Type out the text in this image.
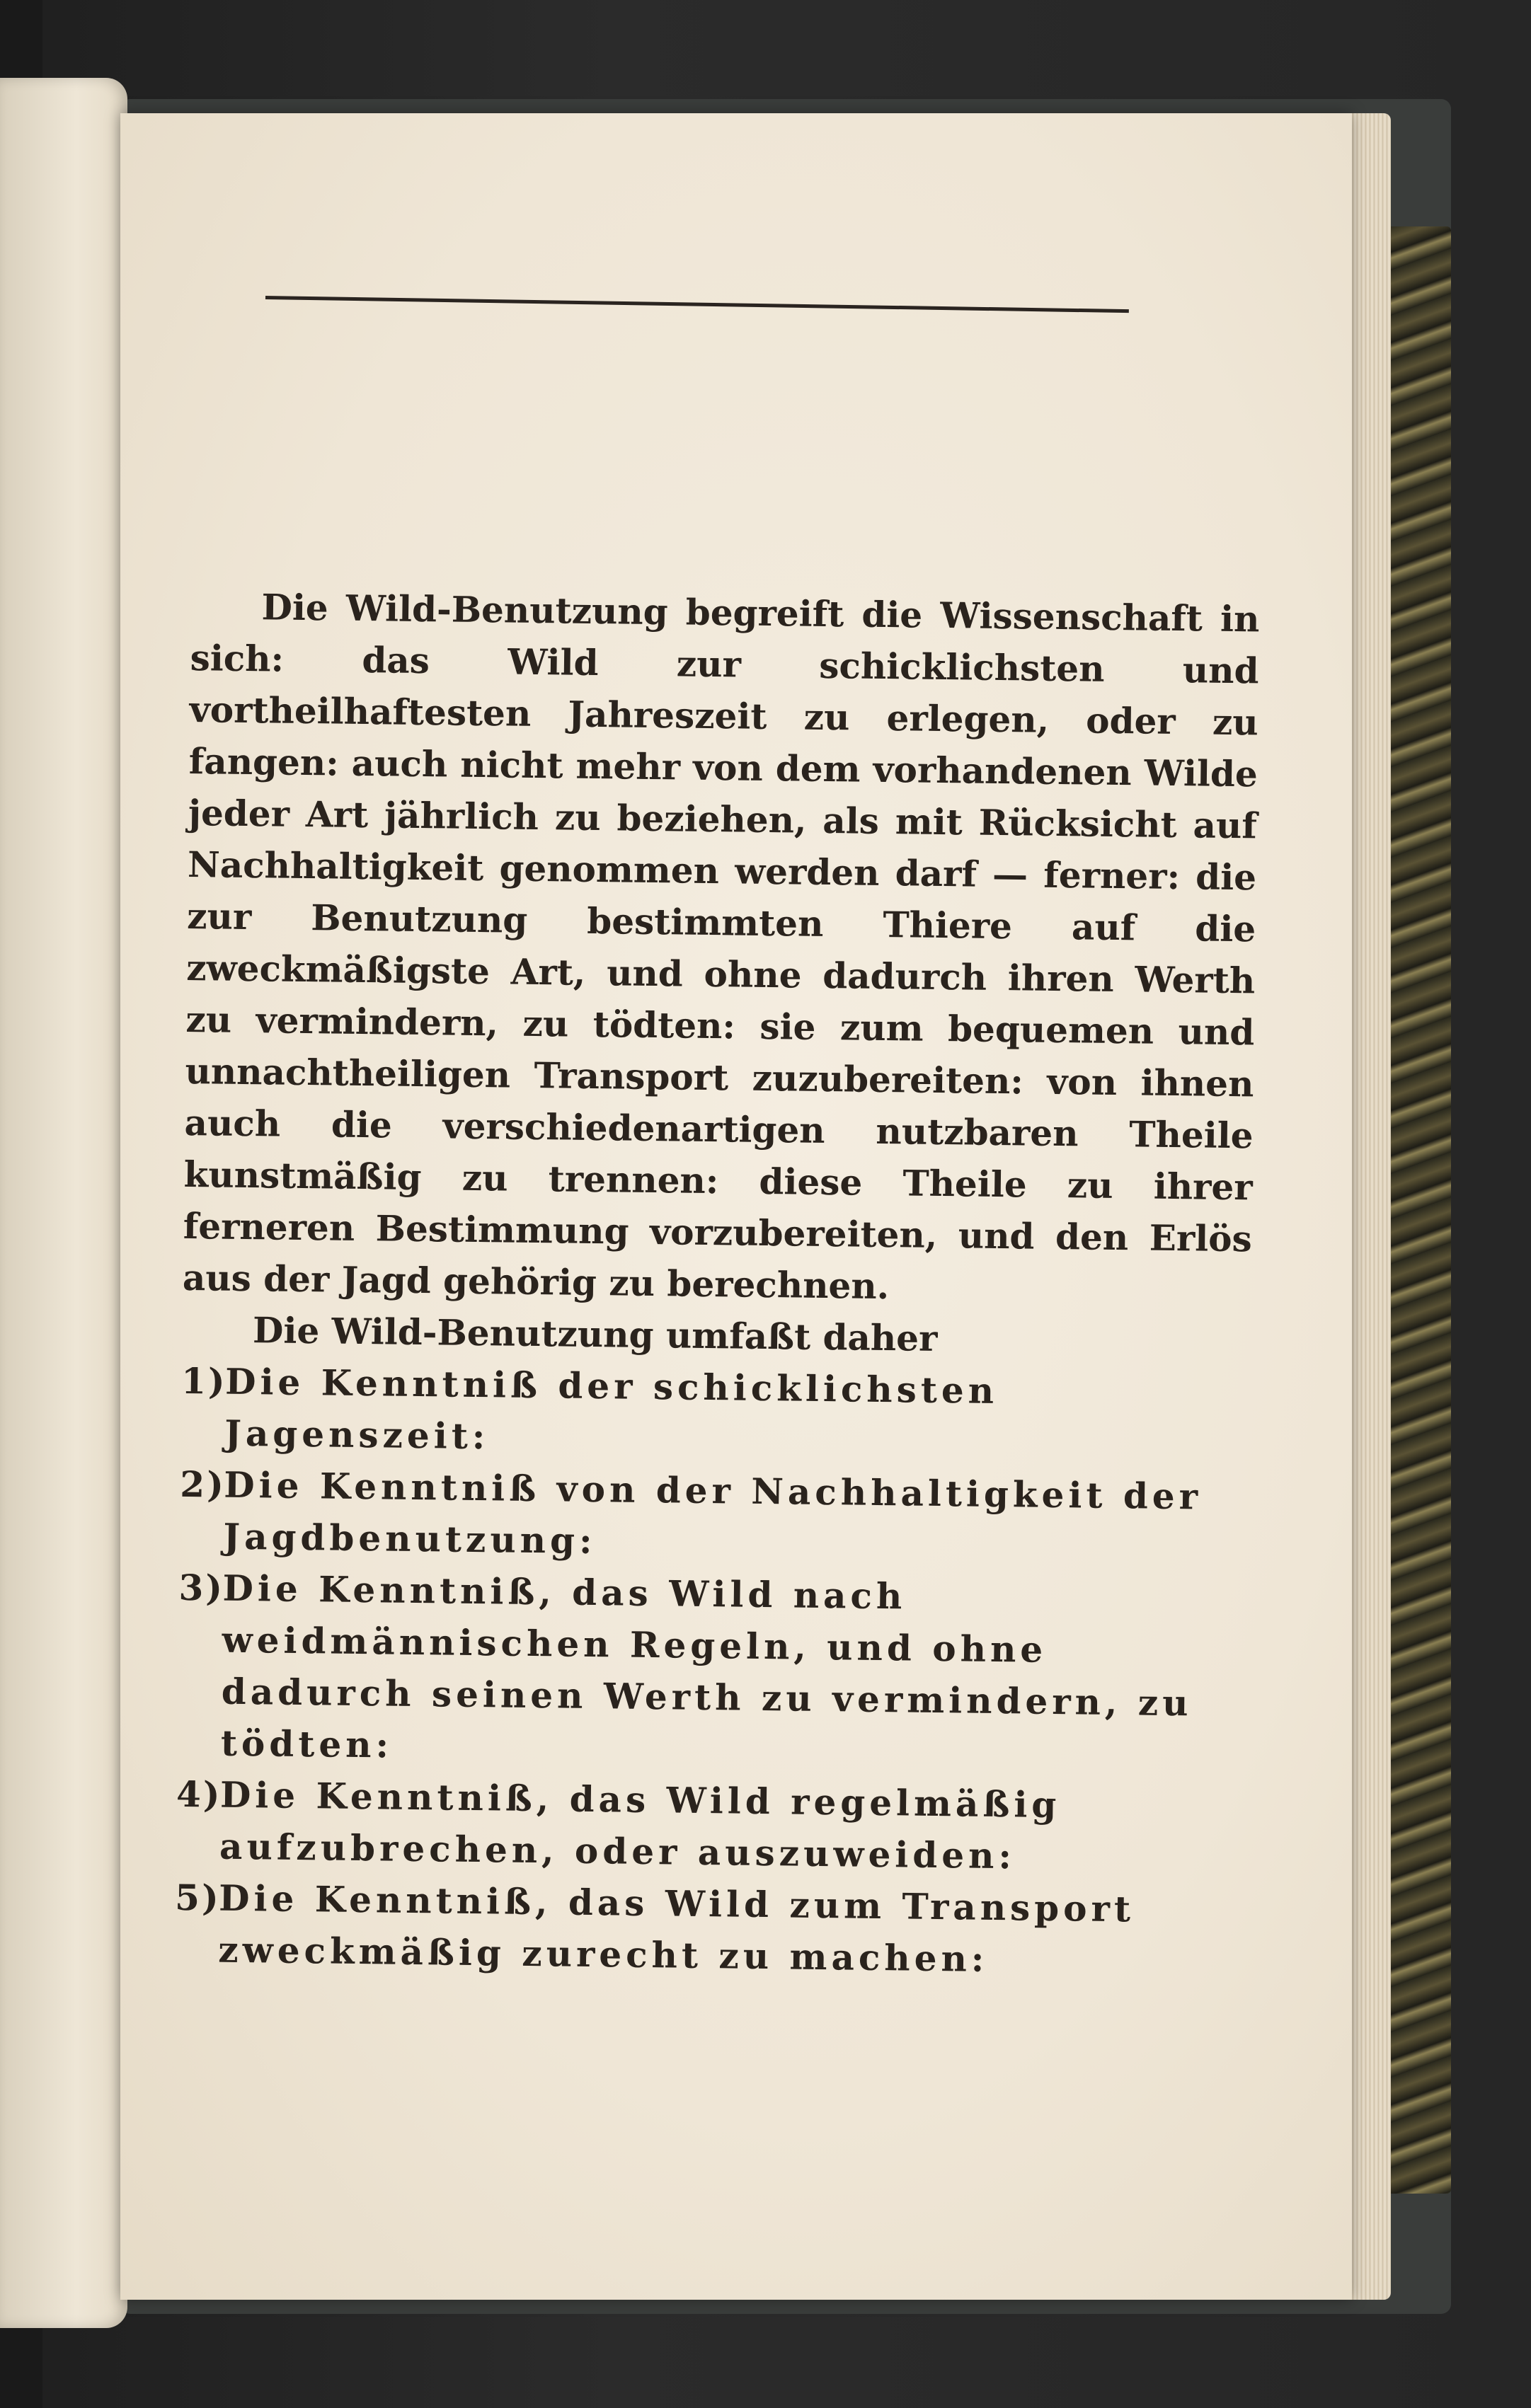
Die Wild-Benutzung begreift die Wissenschaft in sich: das Wild zur schicklichsten und vortheilhaftesten Jahreszeit zu erlegen, oder zu fangen: auch nicht mehr von dem vorhandenen Wilde jeder Art jährlich zu beziehen, als mit Rücksicht auf Nachhaltigkeit genommen werden darf — ferner: die zur Benutzung bestimmten Thiere auf die zweckmäßigste Art, und ohne dadurch ihren Werth zu vermindern, zu tödten: sie zum bequemen und unnachtheiligen Transport zuzubereiten: von ihnen auch die verschiedenartigen nutzbaren Theile kunstmäßig zu trennen: diese Theile zu ihrer ferneren Bestimmung vorzubereiten, und den Erlös aus der Jagd gehörig zu berechnen.

Die Wild-Benutzung umfaßt daher

1)Die Kenntniß der schicklichsten Jagenszeit:

2)Die Kenntniß von der Nachhaltigkeit der Jagdbenutzung:

3)Die Kenntniß, das Wild nach weidmännischen Regeln, und ohne dadurch seinen Werth zu vermindern, zu tödten:

4)Die Kenntniß, das Wild regelmäßig aufzubrechen, oder auszuweiden:

5)Die Kenntniß, das Wild zum Transport zweckmäßig zurecht zu machen:
